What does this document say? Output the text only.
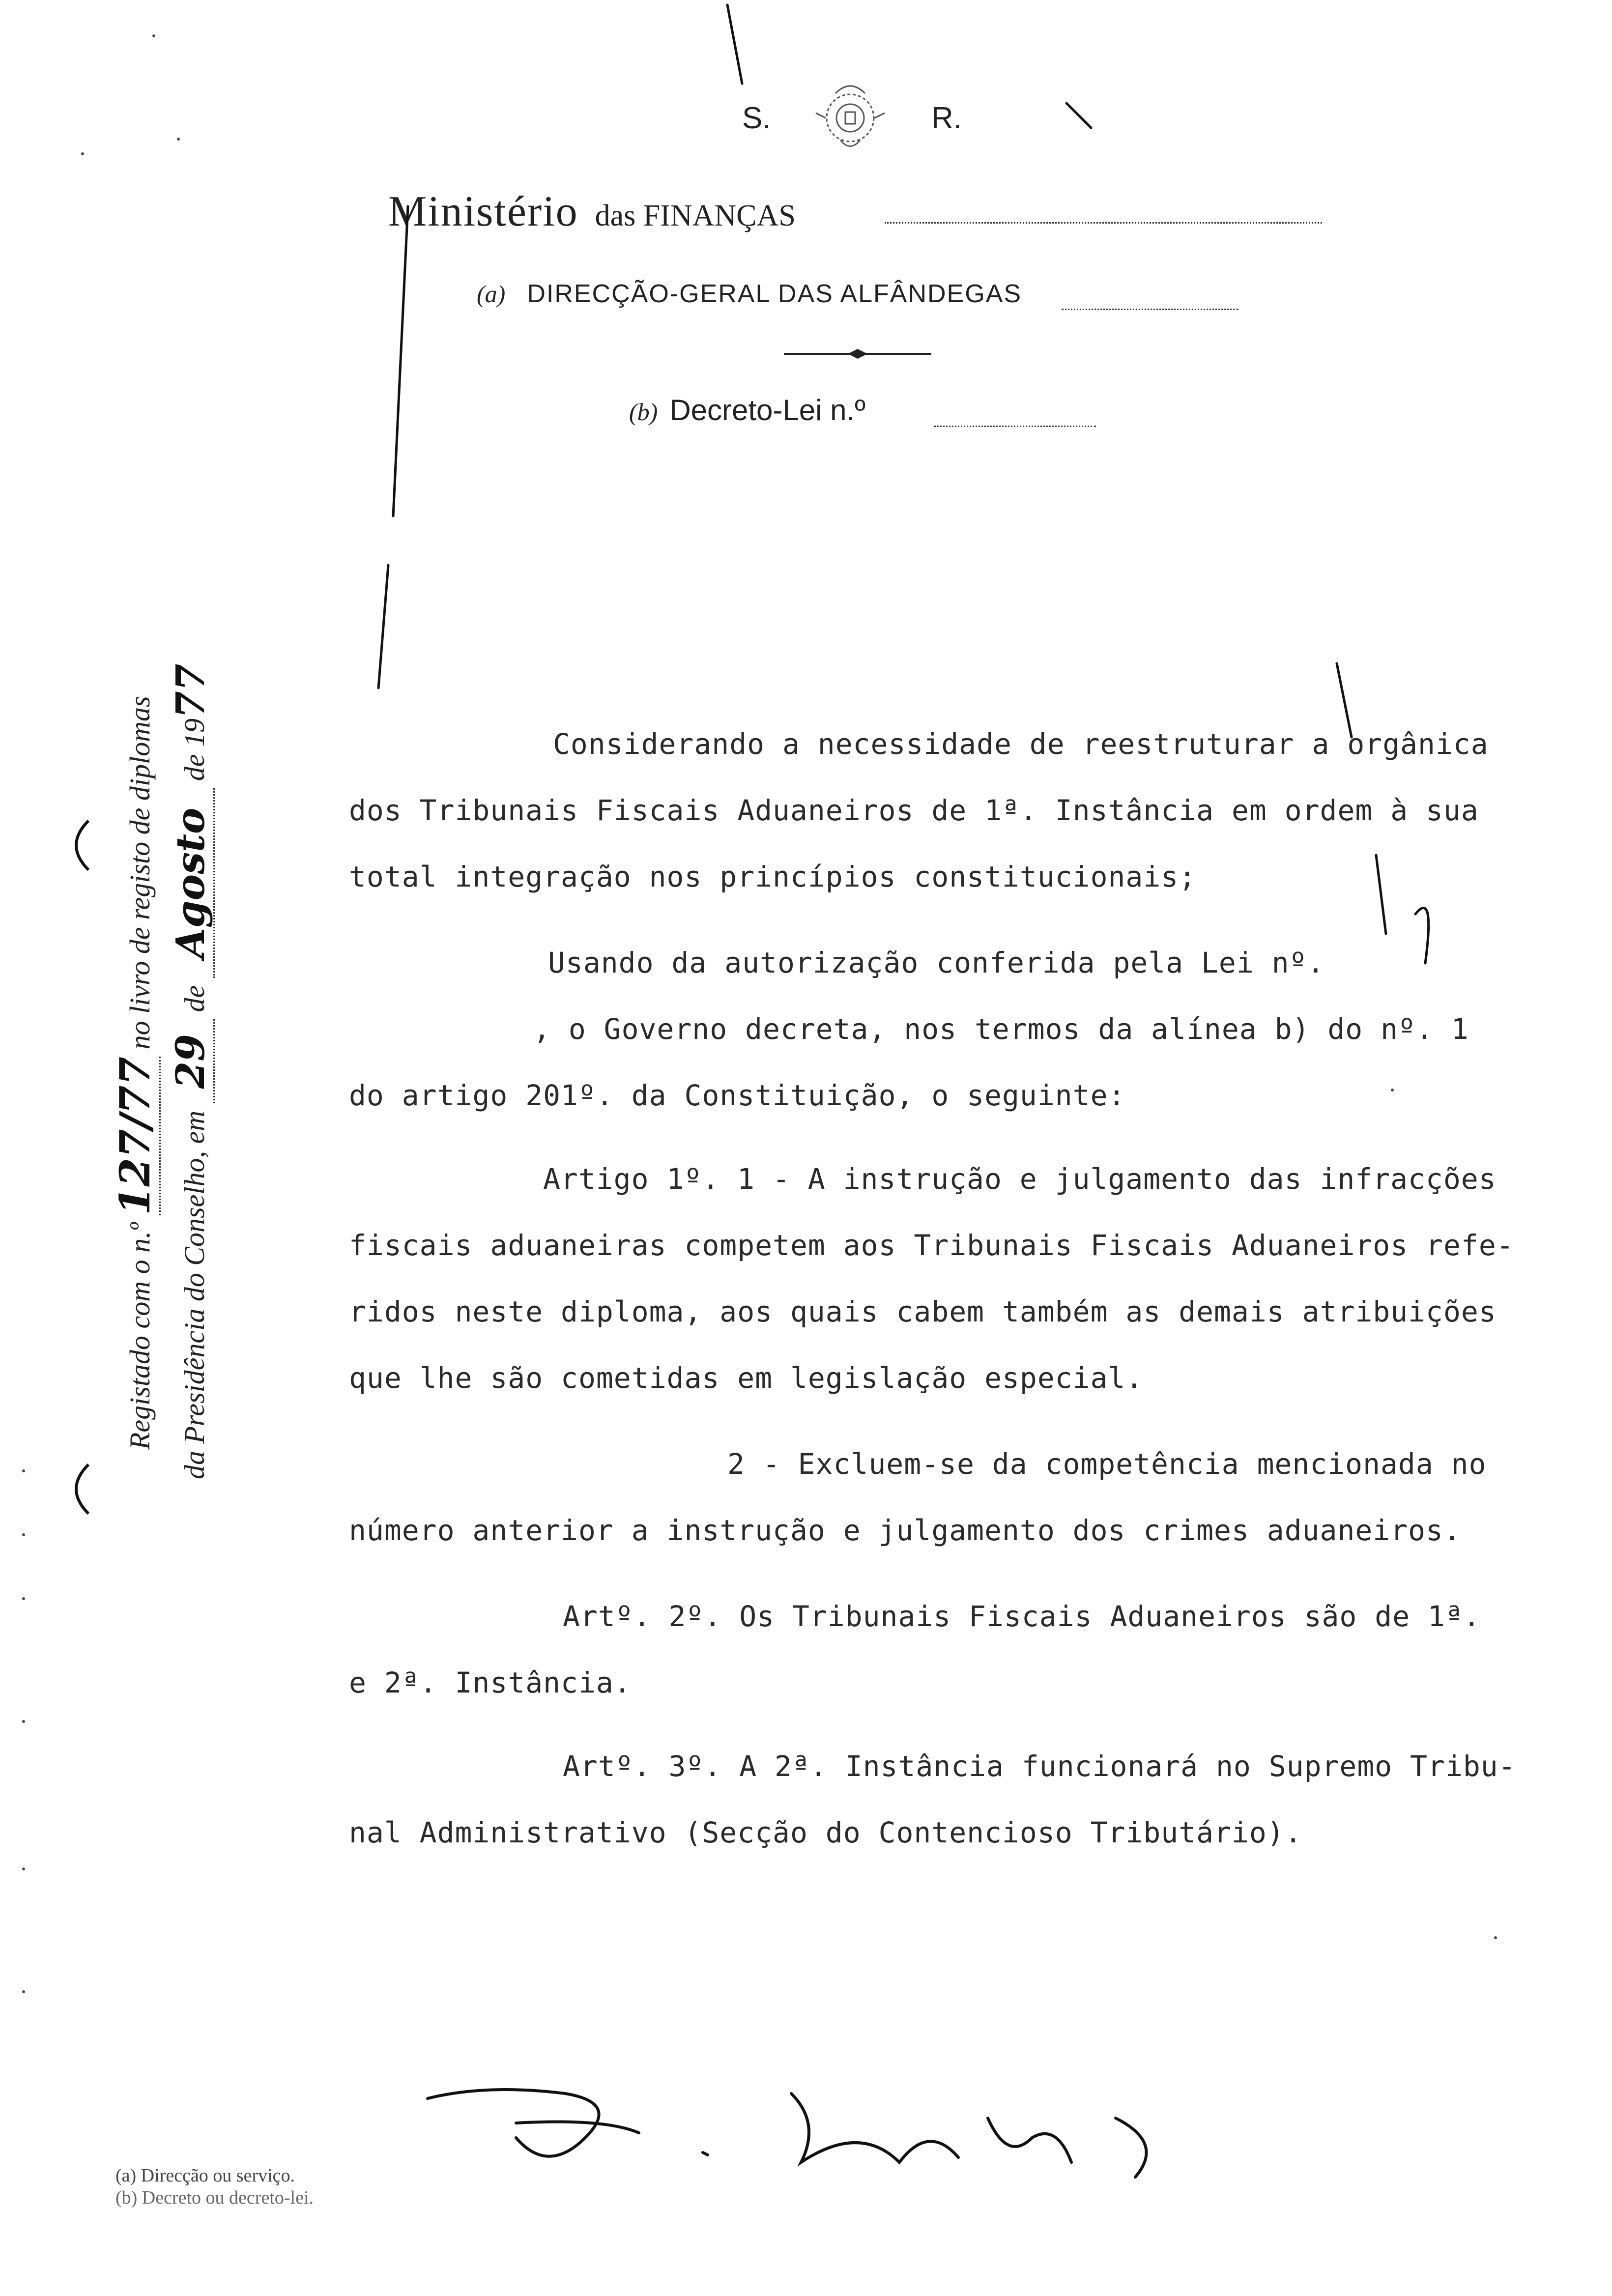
S.	R.
Ministério das FINANÇAS
(a) DIRECÇÃO-GERAL DAS ALFÂNDEGAS
(b) Decreto-Lei n.º
Registado com o n.º 127/77 no livro de registo de diplomas
da Presidência do Conselho, em 29 de Agosto de 1977
Considerando a necessidade de reestruturar a orgânica
dos Tribunais Fiscais Aduaneiros de 1ª. Instância em ordem à sua
total integração nos princípios constitucionais;
Usando da autorização conferida pela Lei nº.
, o Governo decreta, nos termos da alínea b) do nº. 1
do artigo 201º. da Constituição, o seguinte:
Artigo 1º. 1 - A instrução e julgamento das infracções
fiscais aduaneiras competem aos Tribunais Fiscais Aduaneiros refe-
ridos neste diploma, aos quais cabem também as demais atribuições
que lhe são cometidas em legislação especial.
2 - Excluem-se da competência mencionada no
número anterior a instrução e julgamento dos crimes aduaneiros.
Artº. 2º. Os Tribunais Fiscais Aduaneiros são de 1ª.
e 2ª. Instância.
Artº. 3º. A 2ª. Instância funcionará no Supremo Tribu-
nal Administrativo (Secção do Contencioso Tributário).
(a) Direcção ou serviço.
(b) Decreto ou decreto-lei.
